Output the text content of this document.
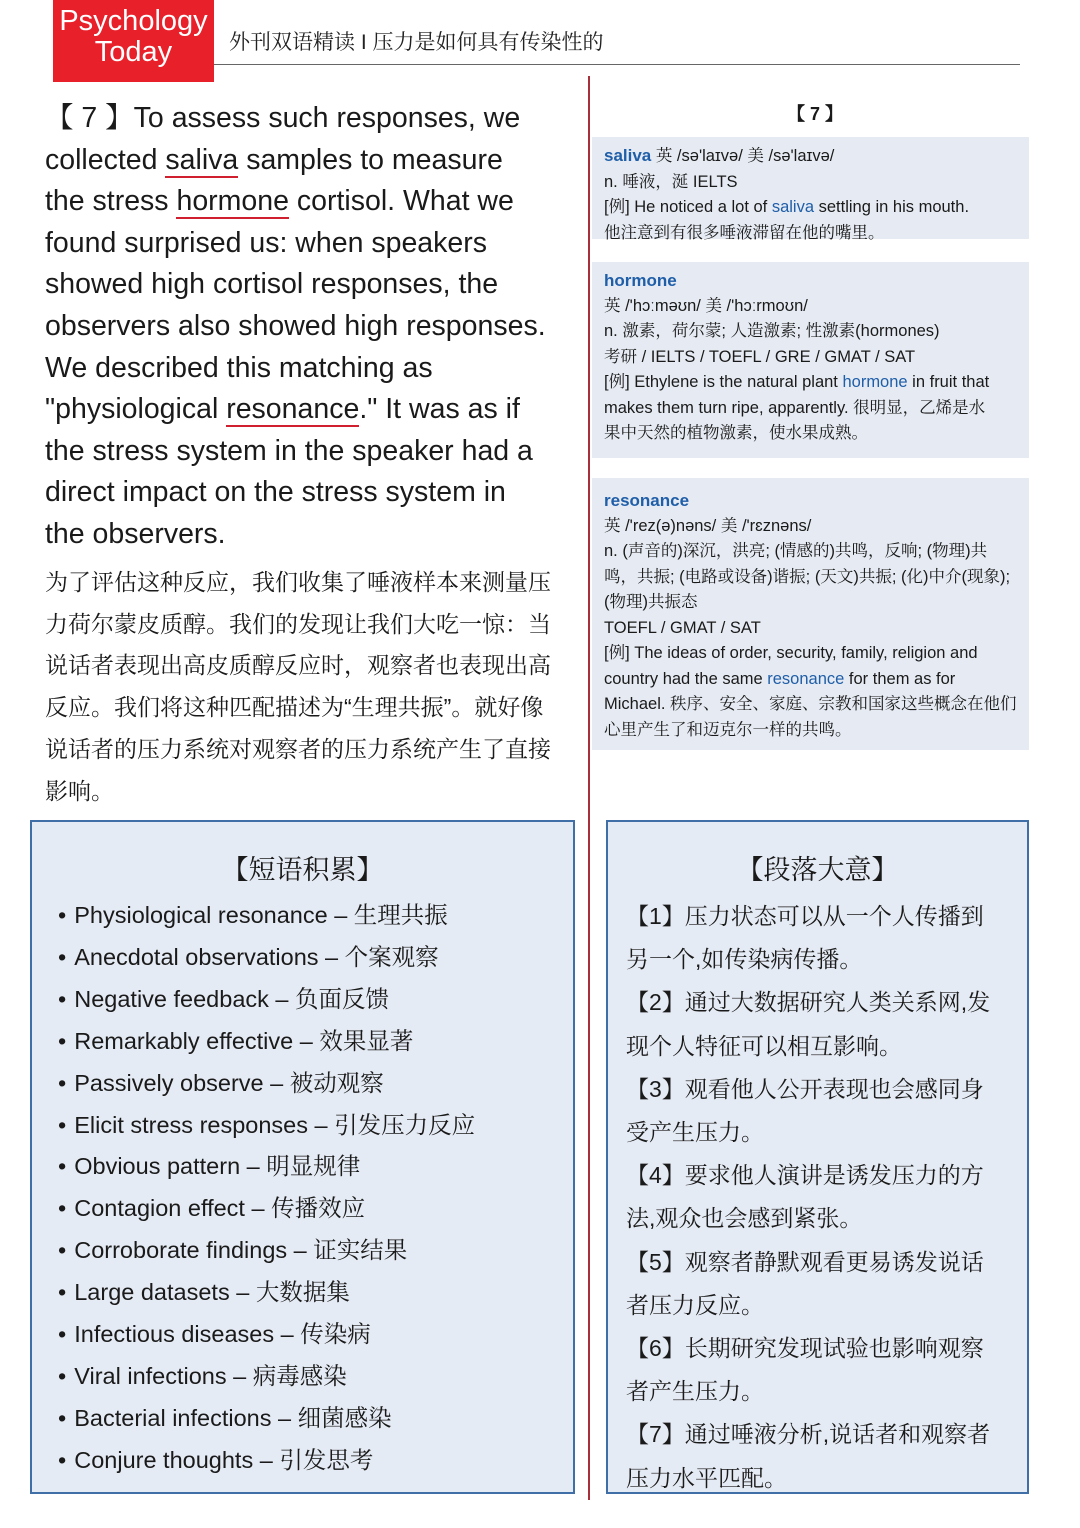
Psychology
Today	外刊双语精读 I 压力是如何具有传染性的
【 7 】To assess such responses, we
collected saliva samples to measure
the stress hormone cortisol. What we
found surprised us: when speakers
showed high cortisol responses, the
observers also showed high responses.
We described this matching as
"physiological resonance." It was as if
the stress system in the speaker had a
direct impact on the stress system in
the observers.
为了评估这种反应，我们收集了唾液样本来测量压
力荷尔蒙皮质醇。我们的发现让我们大吃一惊：当
说话者表现出高皮质醇反应时，观察者也表现出高
反应。我们将这种匹配描述为“生理共振”。就好像
说话者的压力系统对观察者的压力系统产生了直接
影响。
【短语积累】
• Physiological resonance – 生理共振
• Anecdotal observations – 个案观察
• Negative feedback – 负面反馈
• Remarkably effective – 效果显著
• Passively observe – 被动观察
• Elicit stress responses – 引发压力反应
• Obvious pattern – 明显规律
• Contagion effect – 传播效应
• Corroborate findings – 证实结果
• Large datasets – 大数据集
• Infectious diseases – 传染病
• Viral infections – 病毒感染
• Bacterial infections – 细菌感染
• Conjure thoughts – 引发思考
【段落大意】
【1】压力状态可以从一个人传播到
另一个,如传染病传播。
【2】通过大数据研究人类关系网,发
现个人特征可以相互影响。
【3】观看他人公开表现也会感同身
受产生压力。
【4】要求他人演讲是诱发压力的方
法,观众也会感到紧张。
【5】观察者静默观看更易诱发说话
者压力反应。
【6】长期研究发现试验也影响观察
者产生压力。
【7】通过唾液分析,说话者和观察者
压力水平匹配。
【 7 】
saliva 英 /sə'laɪvə/ 美 /sə'laɪvə/
n. 唾液，涎 IELTS
[例] He noticed a lot of saliva settling in his mouth.
他注意到有很多唾液滞留在他的嘴里。
hormone
英 /'hɔːməʊn/ 美 /'hɔːrmoʊn/
n. 激素，荷尔蒙; 人造激素; 性激素(hormones)
考研 / IELTS / TOEFL / GRE / GMAT / SAT
[例] Ethylene is the natural plant hormone in fruit that makes them turn ripe, apparently. 很明显，乙烯是水果中天然的植物激素，使水果成熟。
resonance
英 /'rez(ə)nəns/ 美 /'rɛznəns/
n. (声音的)深沉，洪亮; (情感的)共鸣，反响; (物理)共鸣，共振; (电路或设备)谐振; (天文)共振; (化)中介(现象); (物理)共振态
TOEFL / GMAT / SAT
[例] The ideas of order, security, family, religion and country had the same resonance for them as for Michael. 秩序、安全、家庭、宗教和国家这些概念在他们心里产生了和迈克尔一样的共鸣。
